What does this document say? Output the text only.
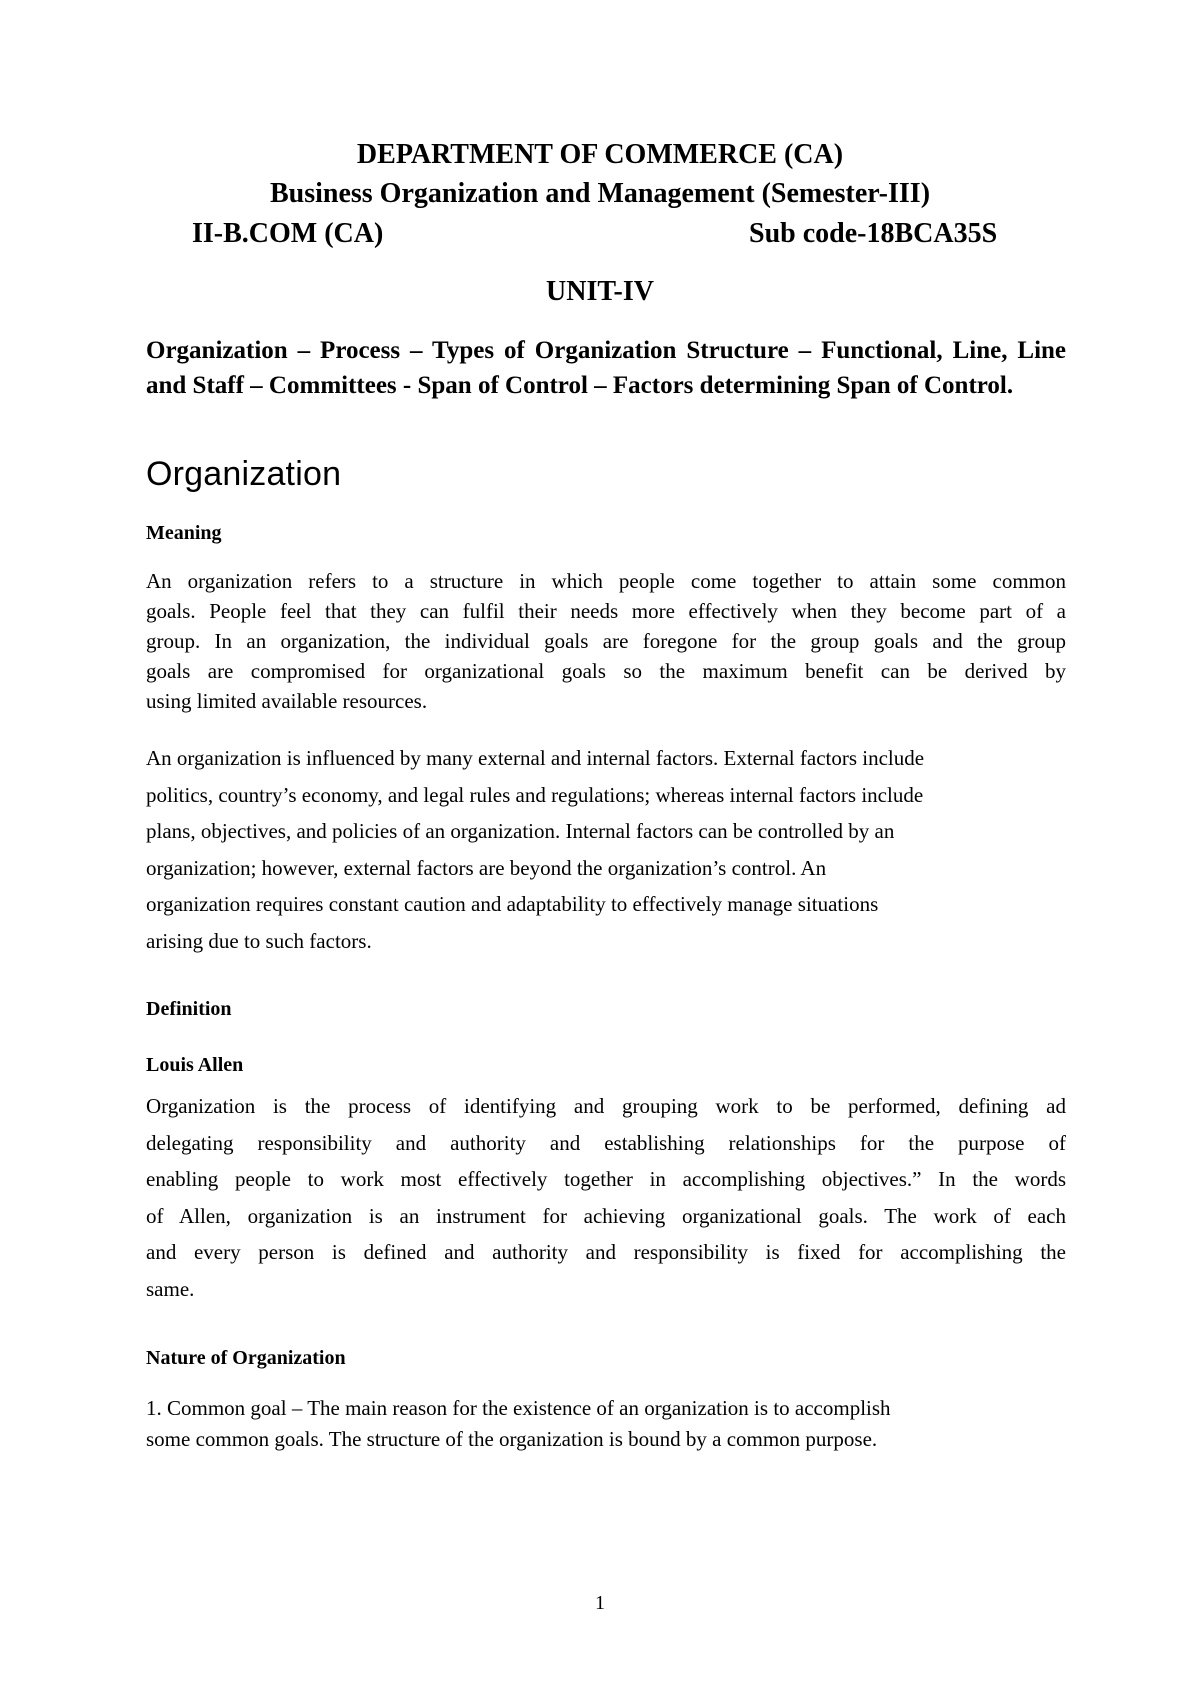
DEPARTMENT OF COMMERCE (CA)
Business Organization and Management (Semester-III)
II-B.COM (CA)	Sub code-18BCA35S
UNIT-IV
Organization – Process – Types of Organization Structure – Functional, Line, Line and Staff – Committees - Span of Control – Factors determining Span of Control.
Organization
Meaning
An organization refers to a structure in which people come together to attain some common
goals. People feel that they can fulfil their needs more effectively when they become part of a
group. In an organization, the individual goals are foregone for the group goals and the group
goals are compromised for organizational goals so the maximum benefit can be derived by
using limited available resources.
An organization is influenced by many external and internal factors. External factors include
politics, country’s economy, and legal rules and regulations; whereas internal factors include
plans, objectives, and policies of an organization. Internal factors can be controlled by an
organization; however, external factors are beyond the organization’s control. An
organization requires constant caution and adaptability to effectively manage situations
arising due to such factors.
Definition
Louis Allen
Organization is the process of identifying and grouping work to be performed, defining ad
delegating responsibility and authority and establishing relationships for the purpose of
enabling people to work most effectively together in accomplishing objectives.” In the words
of Allen, organization is an instrument for achieving organizational goals. The work of each
and every person is defined and authority and responsibility is fixed for accomplishing the
same.
Nature of Organization
1. Common goal – The main reason for the existence of an organization is to accomplish
some common goals. The structure of the organization is bound by a common purpose.
1
